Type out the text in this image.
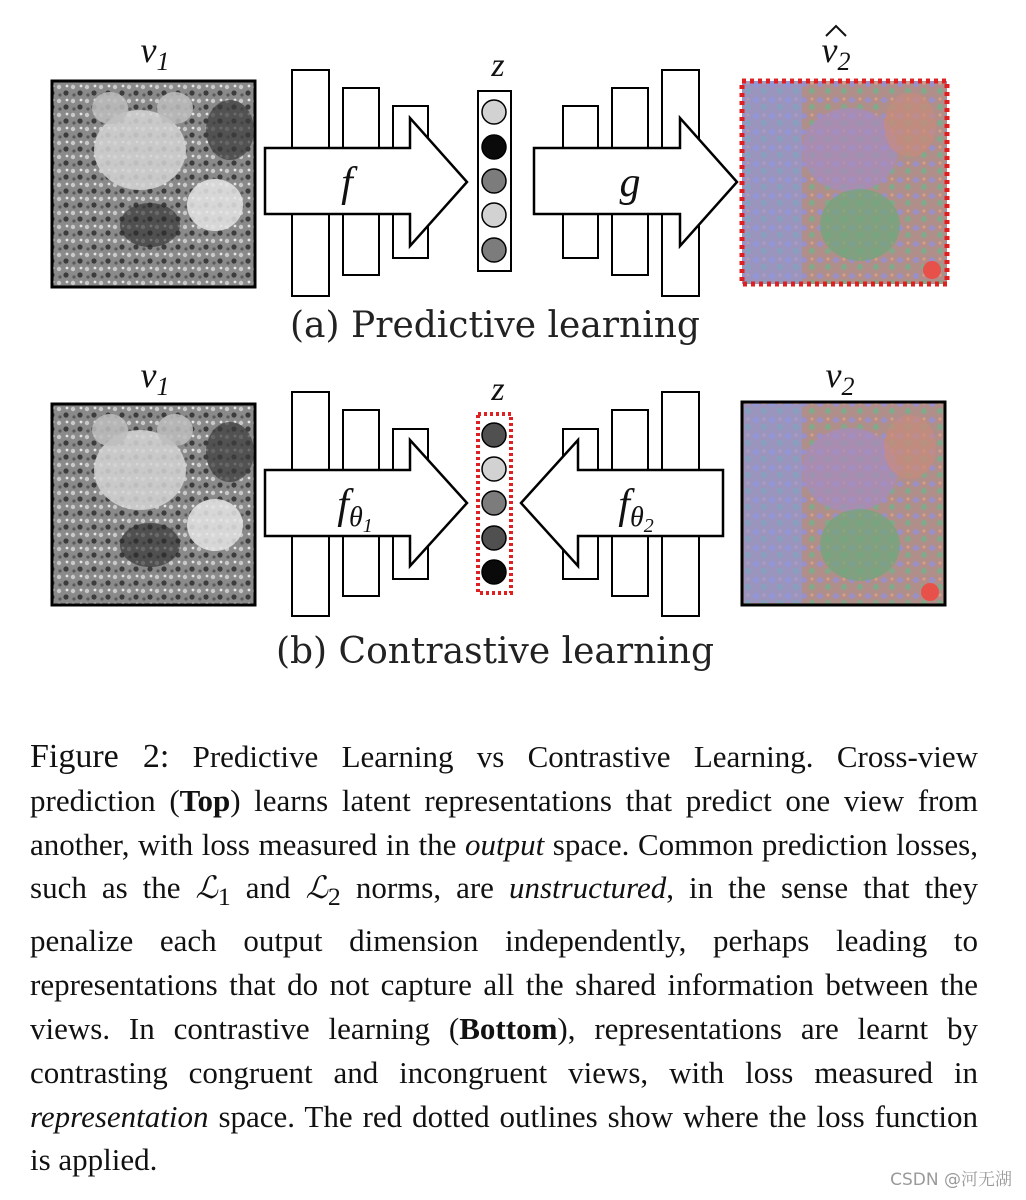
$v_1$
f
z
g
$v_2$
(a) Predictive learning
$v_1$
fθ1
z
fθ2
$v_2$
(b) Contrastive learning
Figure 2: Predictive Learning vs Contrastive Learning. Cross-view prediction (Top) learns latent representations that predict one view from another, with loss measured in the output space. Common prediction losses, such as the ℒ$_1$ and ℒ$_2$ norms, are unstructured, in the sense that they penalize each output dimension independently, perhaps leading to representations that do not capture all the shared information between the views. In contrastive learning (Bottom), representations are learnt by contrasting congruent and incongruent views, with loss measured in representation space. The red dotted outlines show where the loss function is applied.
CSDN @河无湖
